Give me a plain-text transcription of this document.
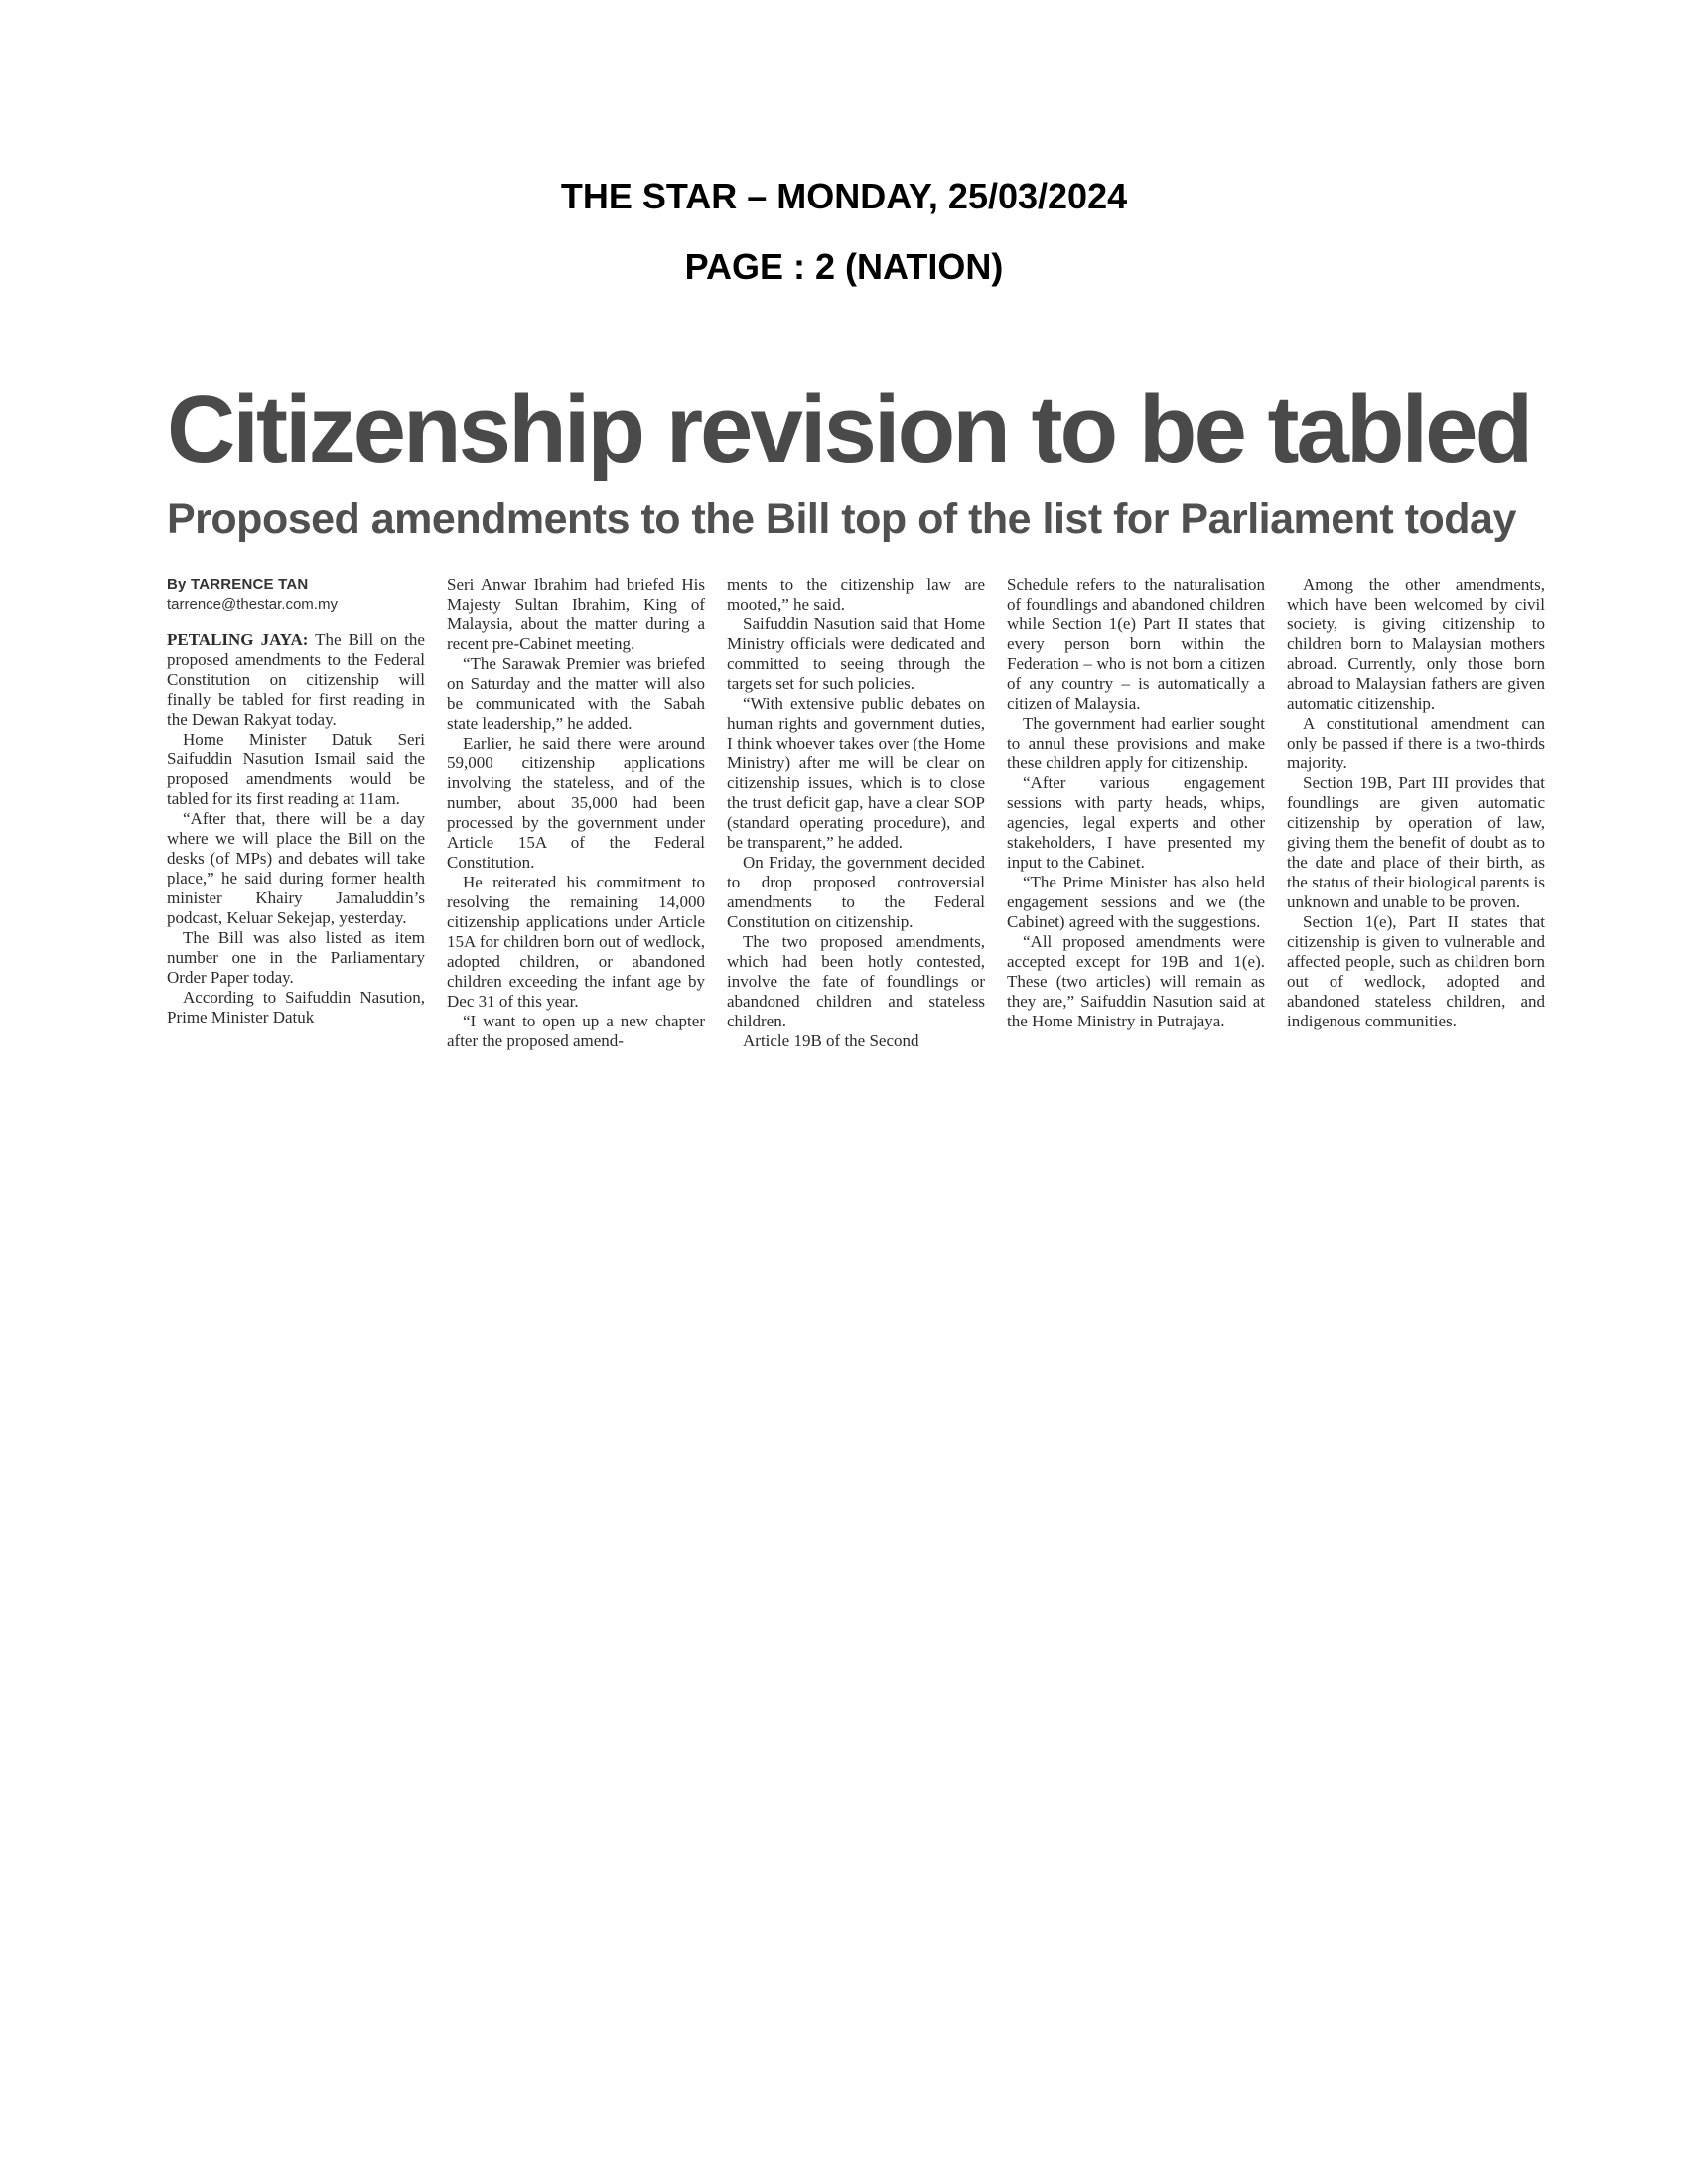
THE STAR – MONDAY, 25/03/2024
PAGE : 2 (NATION)
Citizenship revision to be tabled
Proposed amendments to the Bill top of the list for Parliament today
By TARRENCE TAN
tarrence@thestar.com.my

PETALING JAYA: The Bill on the proposed amendments to the Federal Constitution on citizenship will finally be tabled for first reading in the Dewan Rakyat today.

Home Minister Datuk Seri Saifuddin Nasution Ismail said the proposed amendments would be tabled for its first reading at 11am.

“After that, there will be a day where we will place the Bill on the desks (of MPs) and debates will take place,” he said during former health minister Khairy Jamaluddin’s podcast, Keluar Sekejap, yesterday.

The Bill was also listed as item number one in the Parliamentary Order Paper today.

According to Saifuddin Nasution, Prime Minister Datuk

Seri Anwar Ibrahim had briefed His Majesty Sultan Ibrahim, King of Malaysia, about the matter during a recent pre-Cabinet meeting.

“The Sarawak Premier was briefed on Saturday and the matter will also be communicated with the Sabah state leadership,” he added.

Earlier, he said there were around 59,000 citizenship applications involving the stateless, and of the number, about 35,000 had been processed by the government under Article 15A of the Federal Constitution.

He reiterated his commitment to resolving the remaining 14,000 citizenship applications under Article 15A for children born out of wedlock, adopted children, or abandoned children exceeding the infant age by Dec 31 of this year.

“I want to open up a new chapter after the proposed amend-

ments to the citizenship law are mooted,” he said.

Saifuddin Nasution said that Home Ministry officials were dedicated and committed to seeing through the targets set for such policies.

“With extensive public debates on human rights and government duties, I think whoever takes over (the Home Ministry) after me will be clear on citizenship issues, which is to close the trust deficit gap, have a clear SOP (standard operating procedure), and be transparent,” he added.

On Friday, the government decided to drop proposed controversial amendments to the Federal Constitution on citizenship.

The two proposed amendments, which had been hotly contested, involve the fate of foundlings or abandoned children and stateless children.

Article 19B of the Second

Schedule refers to the naturalisation of foundlings and abandoned children while Section 1(e) Part II states that every person born within the Federation – who is not born a citizen of any country – is automatically a citizen of Malaysia.

The government had earlier sought to annul these provisions and make these children apply for citizenship.

“After various engagement sessions with party heads, whips, agencies, legal experts and other stakeholders, I have presented my input to the Cabinet.

“The Prime Minister has also held engagement sessions and we (the Cabinet) agreed with the suggestions.

“All proposed amendments were accepted except for 19B and 1(e). These (two articles) will remain as they are,” Saifuddin Nasution said at the Home Ministry in Putrajaya.

Among the other amendments, which have been welcomed by civil society, is giving citizenship to children born to Malaysian mothers abroad. Currently, only those born abroad to Malaysian fathers are given automatic citizenship.

A constitutional amendment can only be passed if there is a two-thirds majority.

Section 19B, Part III provides that foundlings are given automatic citizenship by operation of law, giving them the benefit of doubt as to the date and place of their birth, as the status of their biological parents is unknown and unable to be proven.

Section 1(e), Part II states that citizenship is given to vulnerable and affected people, such as children born out of wedlock, adopted and abandoned stateless children, and indigenous communities.
